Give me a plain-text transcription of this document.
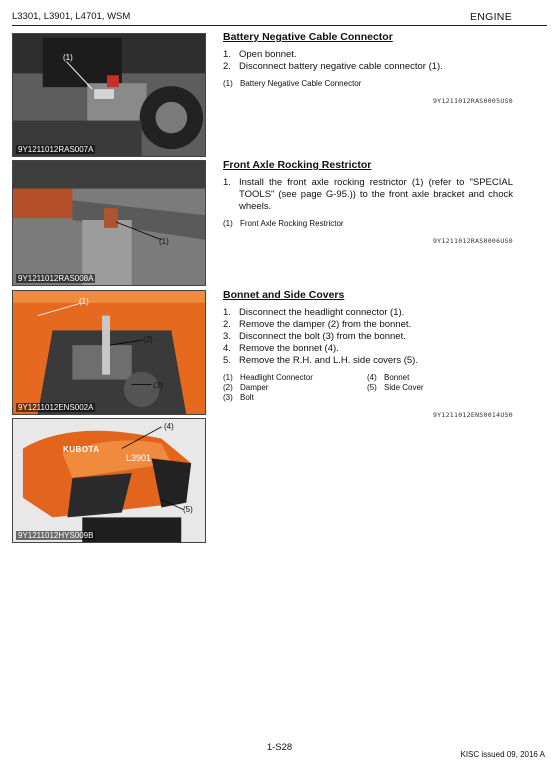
L3301, L3901, L4701, WSM	ENGINE
(1)
9Y1211012RAS007A
(1)
9Y1211012RAS008A
(1)
(2)
(3)
9Y1211012ENS002A
KUBOTA
L3901
(4)
(5)
9Y1211012HYS009B
Battery Negative Cable Connector
1. Open bonnet.
2. Disconnect battery negative cable connector (1).
(1) Battery Negative Cable Connector
9Y1211012RAS0005US0
Front Axle Rocking Restrictor
1. Install the front axle rocking restrictor (1) (refer to "SPECIAL TOOLS" (see page G-95.)) to the front axle bracket and chock wheels.
(1) Front Axle Rocking Restrictor
9Y1211012RAS0006US0
Bonnet and Side Covers
1. Disconnect the headlight connector (1).
2. Remove the damper (2) from the bonnet.
3. Disconnect the bolt (3) from the bonnet.
4. Remove the bonnet (4).
5. Remove the R.H. and L.H. side covers (5).
(1) Headlight Connector	(4) Bonnet
(2) Damper	(5) Side Cover
(3) Bolt
9Y1211012ENS0014US0
1-S28
KISC issued 09, 2016 A
